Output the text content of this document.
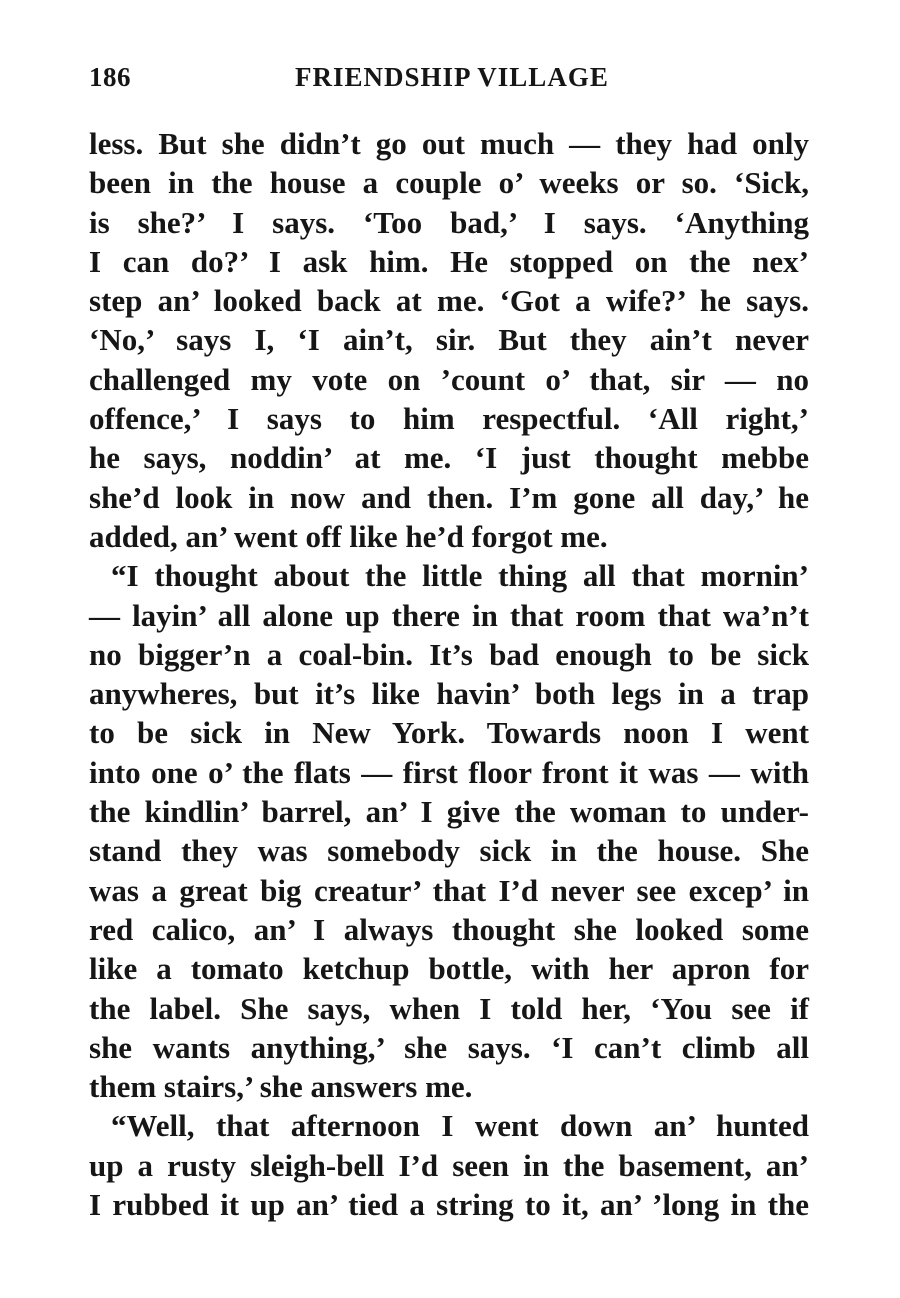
186	FRIENDSHIP VILLAGE
less. But she didn’t go out much — they had only
been in the house a couple o’ weeks or so. ‘Sick,
is she?’ I says. ‘Too bad,’ I says. ‘Anything
I can do?’ I ask him. He stopped on the nex’
step an’ looked back at me. ‘Got a wife?’ he says.
‘No,’ says I, ‘I ain’t, sir. But they ain’t never
challenged my vote on ’count o’ that, sir — no
offence,’ I says to him respectful. ‘All right,’
he says, noddin’ at me. ‘I just thought mebbe
she’d look in now and then. I’m gone all day,’ he
added, an’ went off like he’d forgot me.
“I thought about the little thing all that mornin’
— layin’ all alone up there in that room that wa’n’t
no bigger’n a coal-bin. It’s bad enough to be sick
anywheres, but it’s like havin’ both legs in a trap
to be sick in New York. Towards noon I went
into one o’ the flats — first floor front it was — with
the kindlin’ barrel, an’ I give the woman to under-
stand they was somebody sick in the house. She
was a great big creatur’ that I’d never see excep’ in
red calico, an’ I always thought she looked some
like a tomato ketchup bottle, with her apron for
the label. She says, when I told her, ‘You see if
she wants anything,’ she says. ‘I can’t climb all
them stairs,’ she answers me.
“Well, that afternoon I went down an’ hunted
up a rusty sleigh-bell I’d seen in the basement, an’
I rubbed it up an’ tied a string to it, an’ ’long in the
